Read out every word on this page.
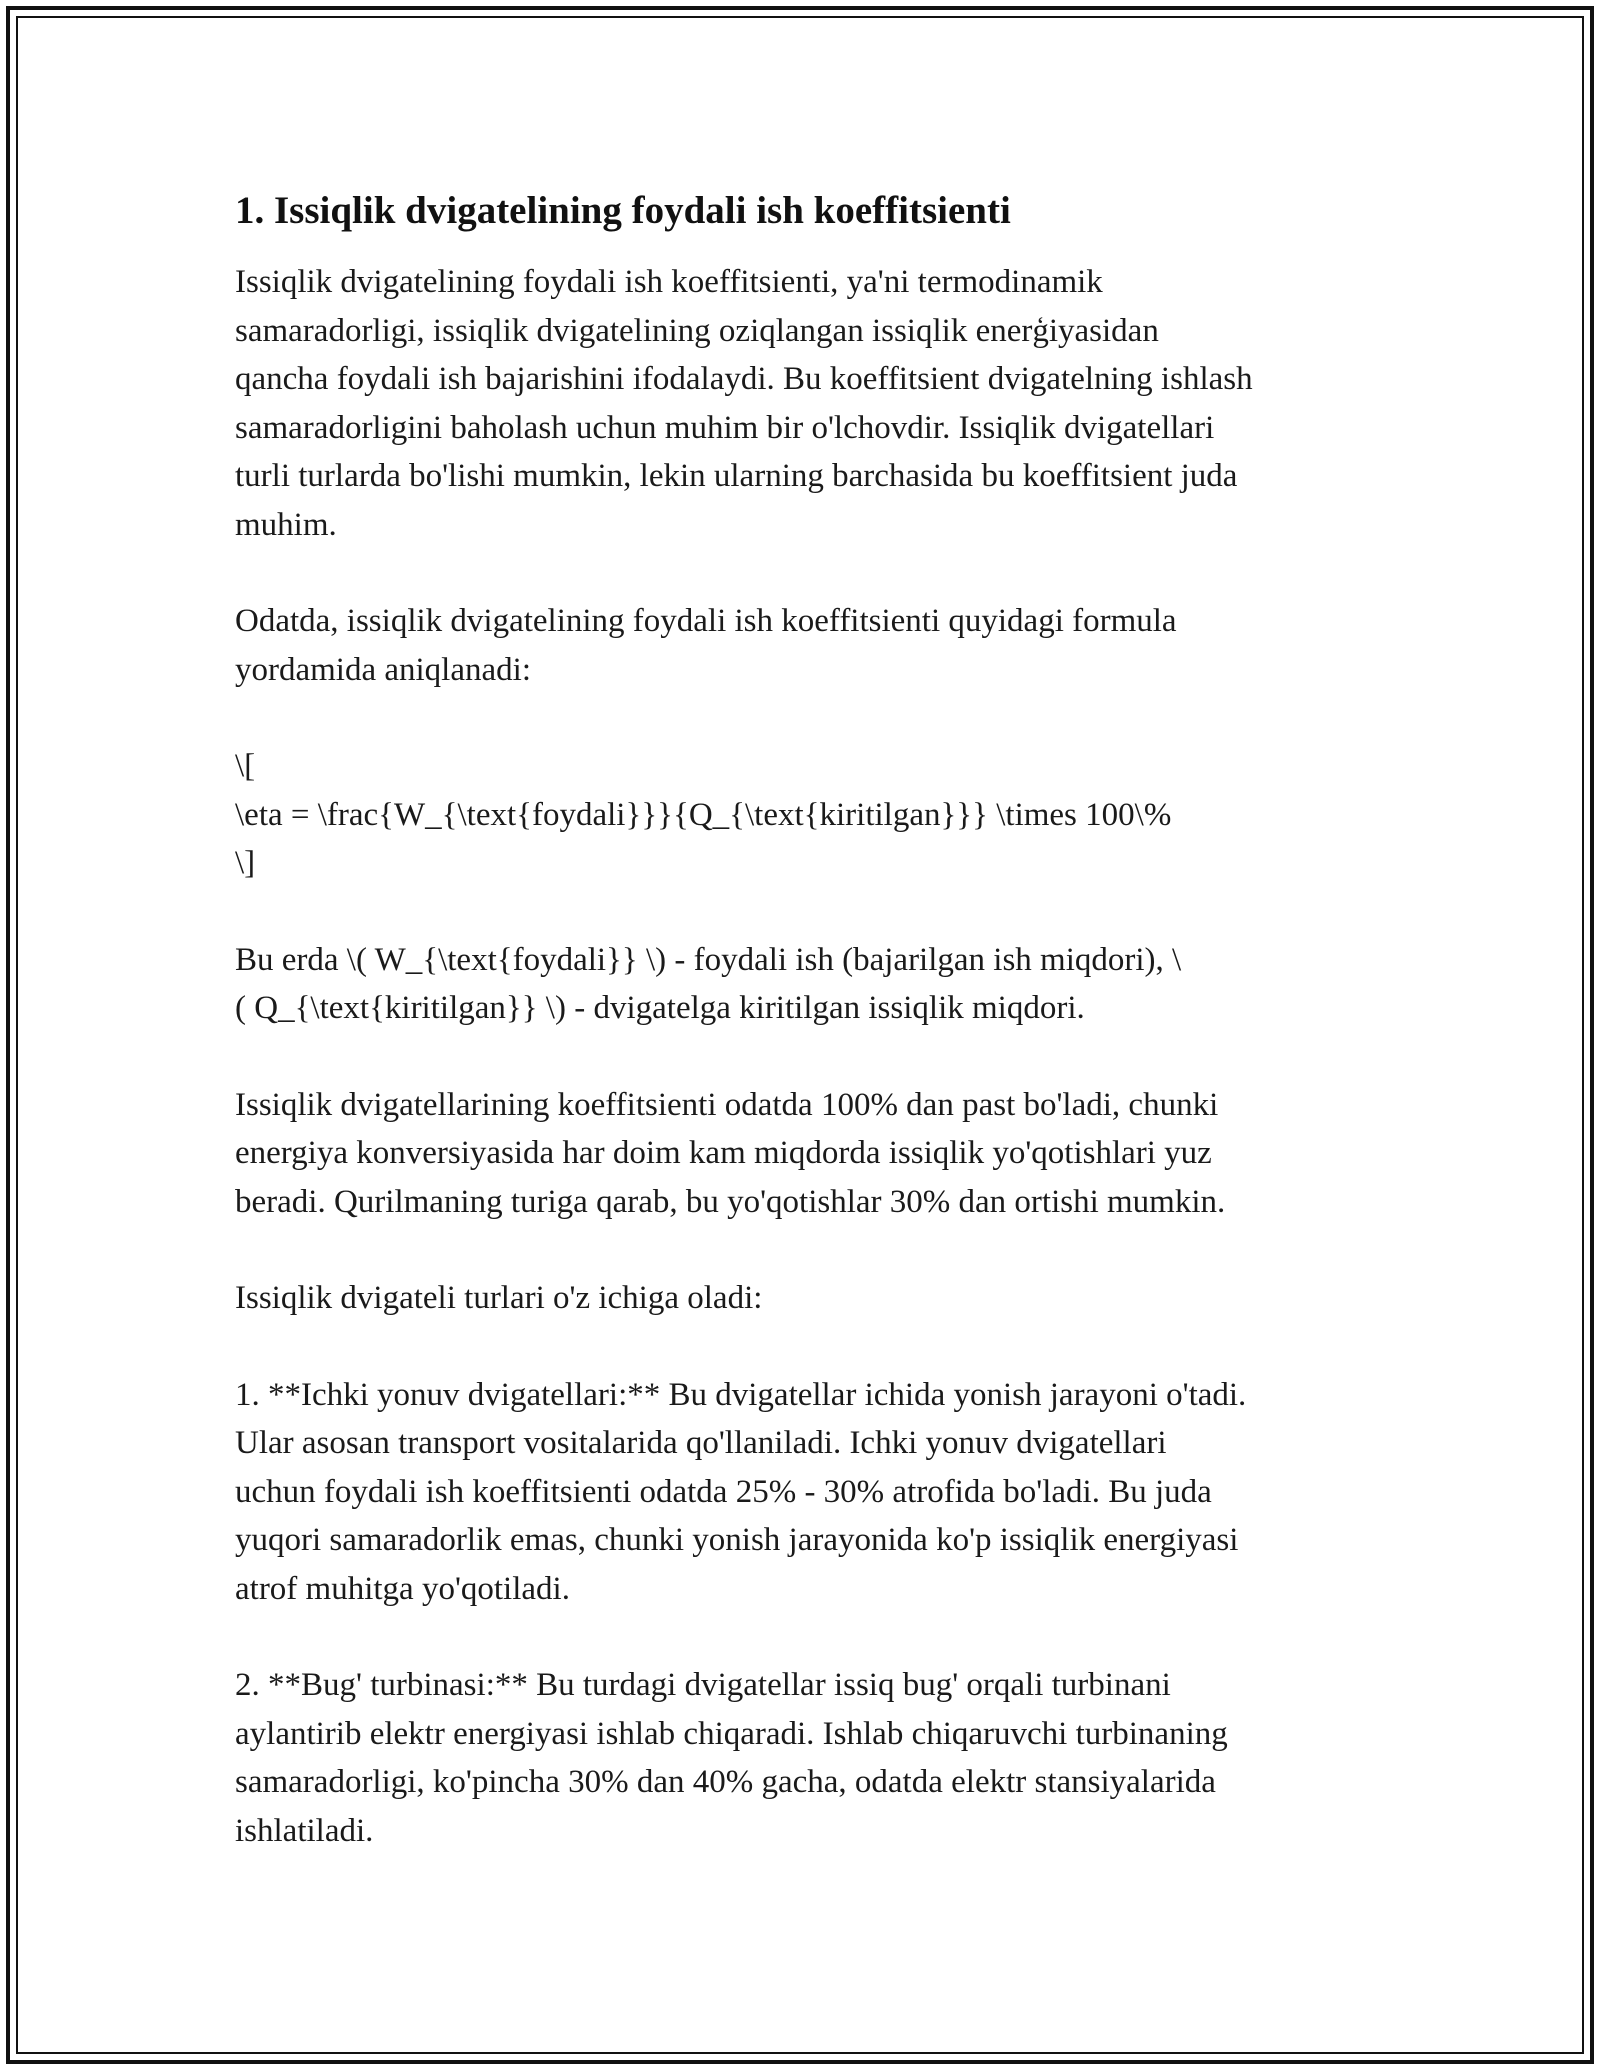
1. Issiqlik dvigatelining foydali ish koeffitsienti

Issiqlik dvigatelining foydali ish koeffitsienti, ya'ni termodinamik
samaradorligi, issiqlik dvigatelining oziqlangan issiqlik enerģiyasidan
qancha foydali ish bajarishini ifodalaydi. Bu koeffitsient dvigatelning ishlash
samaradorligini baholash uchun muhim bir o'lchovdir. Issiqlik dvigatellari
turli turlarda bo'lishi mumkin, lekin ularning barchasida bu koeffitsient juda
muhim.

Odatda, issiqlik dvigatelining foydali ish koeffitsienti quyidagi formula
yordamida aniqlanadi:

\[
\eta = \frac{W_{\text{foydali}}}{Q_{\text{kiritilgan}}} \times 100\%
\]

Bu erda \( W_{\text{foydali}} \) - foydali ish (bajarilgan ish miqdori), \
( Q_{\text{kiritilgan}} \) - dvigatelga kiritilgan issiqlik miqdori.

Issiqlik dvigatellarining koeffitsienti odatda 100% dan past bo'ladi, chunki
energiya konversiyasida har doim kam miqdorda issiqlik yo'qotishlari yuz
beradi. Qurilmaning turiga qarab, bu yo'qotishlar 30% dan ortishi mumkin.

Issiqlik dvigateli turlari o'z ichiga oladi:

1. **Ichki yonuv dvigatellari:** Bu dvigatellar ichida yonish jarayoni o'tadi.
Ular asosan transport vositalarida qo'llaniladi. Ichki yonuv dvigatellari
uchun foydali ish koeffitsienti odatda 25% - 30% atrofida bo'ladi. Bu juda
yuqori samaradorlik emas, chunki yonish jarayonida ko'p issiqlik energiyasi
atrof muhitga yo'qotiladi.

2. **Bug' turbinasi:** Bu turdagi dvigatellar issiq bug' orqali turbinani
aylantirib elektr energiyasi ishlab chiqaradi. Ishlab chiqaruvchi turbinaning
samaradorligi, ko'pincha 30% dan 40% gacha, odatda elektr stansiyalarida
ishlatiladi.
